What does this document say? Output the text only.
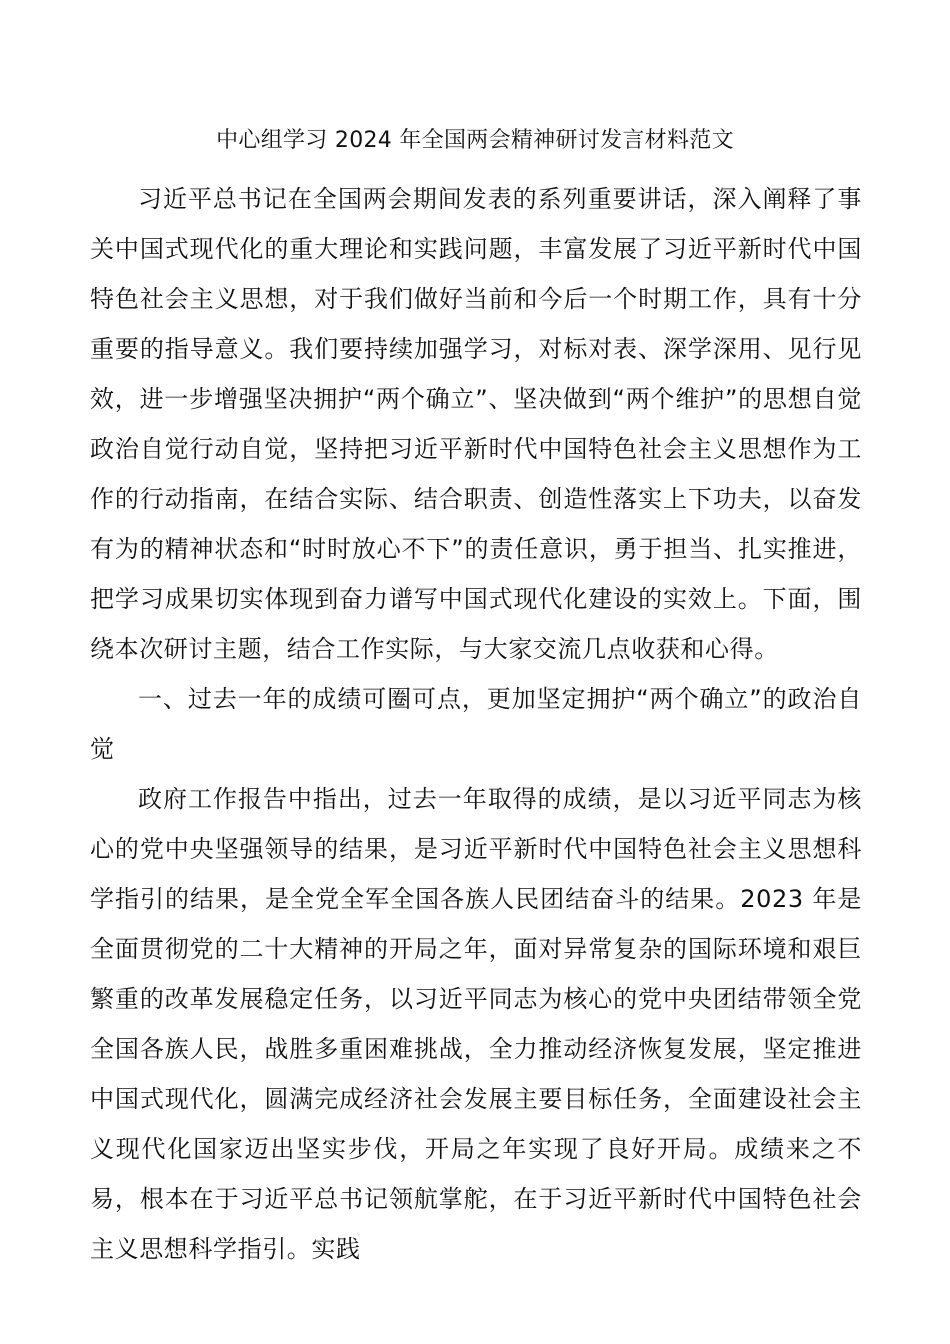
中心组学习 2024 年全国两会精神研讨发言材料范文

习近平总书记在全国两会期间发表的系列重要讲话，深入阐释了事关中国式现代化的重大理论和实践问题，丰富发展了习近平新时代中国特色社会主义思想，对于我们做好当前和今后一个时期工作，具有十分重要的指导意义。我们要持续加强学习，对标对表、深学深用、见行见效，进一步增强坚决拥护“两个确立”、坚决做到“两个维护”的思想自觉政治自觉行动自觉，坚持把习近平新时代中国特色社会主义思想作为工作的行动指南，在结合实际、结合职责、创造性落实上下功夫，以奋发有为的精神状态和“时时放心不下”的责任意识，勇于担当、扎实推进，把学习成果切实体现到奋力谱写中国式现代化建设的实效上。下面，围绕本次研讨主题，结合工作实际，与大家交流几点收获和心得。

一、过去一年的成绩可圈可点，更加坚定拥护“两个确立”的政治自觉

政府工作报告中指出，过去一年取得的成绩，是以习近平同志为核心的党中央坚强领导的结果，是习近平新时代中国特色社会主义思想科学指引的结果，是全党全军全国各族人民团结奋斗的结果。2023 年是全面贯彻党的二十大精神的开局之年，面对异常复杂的国际环境和艰巨繁重的改革发展稳定任务，以习近平同志为核心的党中央团结带领全党全国各族人民，战胜多重困难挑战，全力推动经济恢复发展，坚定推进中国式现代化，圆满完成经济社会发展主要目标任务，全面建设社会主义现代化国家迈出坚实步伐，开局之年实现了良好开局。成绩来之不易，根本在于习近平总书记领航掌舵，在于习近平新时代中国特色社会主义思想科学指引。实践
